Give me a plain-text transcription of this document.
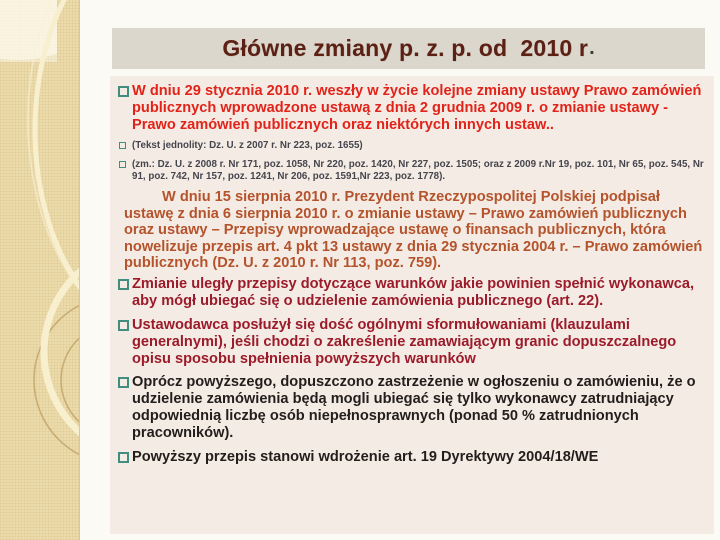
Główne zmiany p. z. p. od  2010 r .
W dniu 29 stycznia 2010 r. weszły w życie kolejne zmiany ustawy Prawo zamówień publicznych wprowadzone ustawą z dnia 2 grudnia 2009 r. o zmianie ustawy - Prawo zamówień publicznych oraz niektórych innych ustaw..
(Tekst jednolity: Dz. U. z 2007 r. Nr 223, poz. 1655)
(zm.: Dz. U. z 2008 r. Nr 171, poz. 1058, Nr 220, poz. 1420, Nr 227, poz. 1505; oraz z 2009 r.Nr 19, poz. 101, Nr 65, poz. 545, Nr 91, poz. 742, Nr 157, poz. 1241, Nr 206, poz. 1591,Nr 223, poz. 1778).
W dniu 15 sierpnia 2010 r. Prezydent Rzeczypospolitej Polskiej podpisał ustawę z dnia 6 sierpnia 2010 r. o zmianie ustawy – Prawo zamówień publicznych oraz ustawy – Przepisy wprowadzające ustawę o finansach publicznych, która nowelizuje przepis art. 4 pkt 13 ustawy z dnia 29 stycznia 2004 r. – Prawo zamówień publicznych (Dz. U. z 2010 r. Nr 113, poz. 759).
Zmianie uległy przepisy dotyczące warunków jakie powinien spełnić wykonawca, aby mógł ubiegać się o udzielenie zamówienia publicznego (art. 22).
Ustawodawca posłużył się dość ogólnymi sformułowaniami (klauzulami generalnymi), jeśli chodzi o zakreślenie zamawiającym granic dopuszczalnego opisu sposobu spełnienia powyższych warunków
Oprócz powyższego, dopuszczono zastrzeżenie w ogłoszeniu o zamówieniu, że o udzielenie zamówienia będą mogli ubiegać się tylko wykonawcy zatrudniający odpowiednią liczbę osób niepełnosprawnych (ponad 50 % zatrudnionych pracowników).
Powyższy przepis stanowi wdrożenie art. 19 Dyrektywy 2004/18/WE
